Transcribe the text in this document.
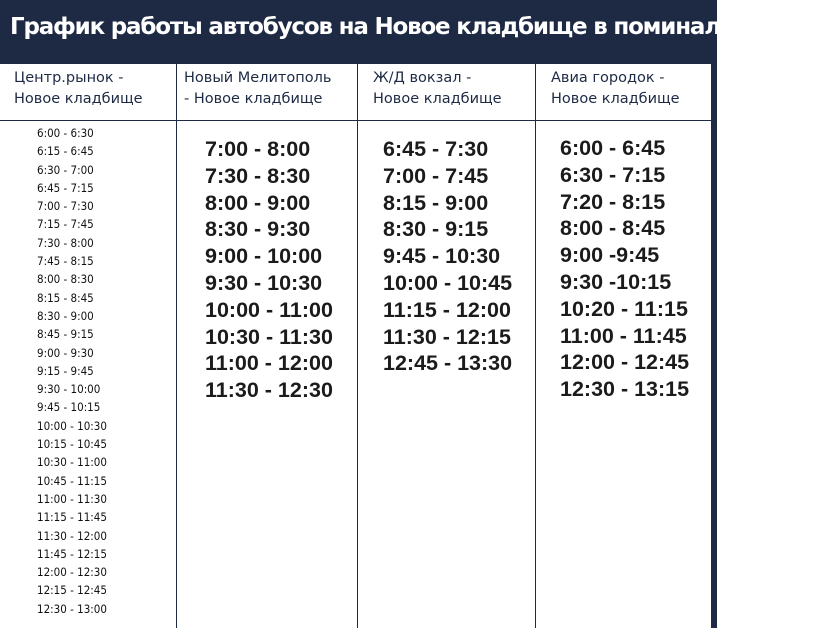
График работы автобусов на Новое кладбище в поминальные дни
Центр.рынок -
Новое кладбище
6:00 - 6:30
6:15 - 6:45
6:30 - 7:00
6:45 - 7:15
7:00 - 7:30
7:15 - 7:45
7:30 - 8:00
7:45 - 8:15
8:00 - 8:30
8:15 - 8:45
8:30 - 9:00
8:45 - 9:15
9:00 - 9:30
9:15 - 9:45
9:30 - 10:00
9:45 - 10:15
10:00 - 10:30
10:15 - 10:45
10:30 - 11:00
10:45 - 11:15
11:00 - 11:30
11:15 - 11:45
11:30 - 12:00
11:45 - 12:15
12:00 - 12:30
12:15 - 12:45
12:30 - 13:00
Новый Мелитополь
- Новое кладбище
7:00 - 8:00
7:30 - 8:30
8:00 - 9:00
8:30 - 9:30
9:00 - 10:00
9:30 - 10:30
10:00 - 11:00
10:30 - 11:30
11:00 - 12:00
11:30 - 12:30
Ж/Д вокзал -
Новое кладбище
6:45 - 7:30
7:00 - 7:45
8:15 - 9:00
8:30 - 9:15
9:45 - 10:30
10:00 - 10:45
11:15 - 12:00
11:30 - 12:15
12:45 - 13:30
Авиа городок -
Новое кладбище
6:00 - 6:45
6:30 - 7:15
7:20 - 8:15
8:00 - 8:45
9:00 -9:45
9:30 -10:15
10:20 - 11:15
11:00 - 11:45
12:00 - 12:45
12:30 - 13:15
